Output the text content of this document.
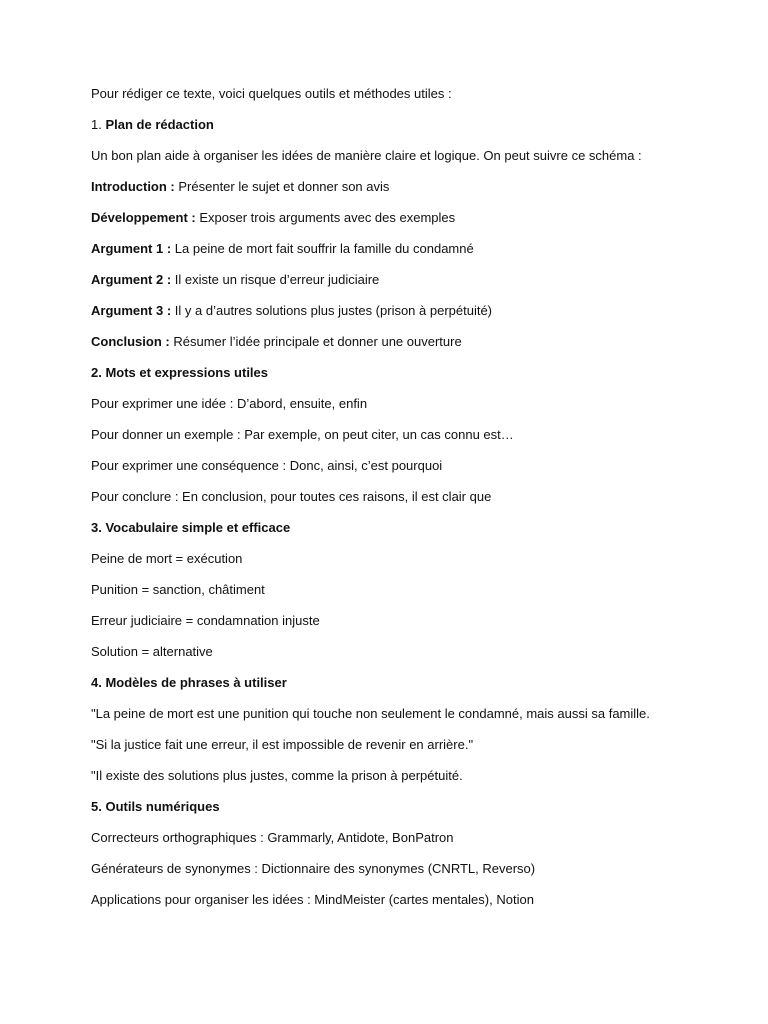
Pour rédiger ce texte, voici quelques outils et méthodes utiles :
1. Plan de rédaction
Un bon plan aide à organiser les idées de manière claire et logique. On peut suivre ce schéma :
Introduction : Présenter le sujet et donner son avis
Développement : Exposer trois arguments avec des exemples
Argument 1 : La peine de mort fait souffrir la famille du condamné
Argument 2 : Il existe un risque d’erreur judiciaire
Argument 3 : Il y a d’autres solutions plus justes (prison à perpétuité)
Conclusion : Résumer l’idée principale et donner une ouverture
2. Mots et expressions utiles
Pour exprimer une idée : D’abord, ensuite, enfin
Pour donner un exemple : Par exemple, on peut citer, un cas connu est…
Pour exprimer une conséquence : Donc, ainsi, c’est pourquoi
Pour conclure : En conclusion, pour toutes ces raisons, il est clair que
3. Vocabulaire simple et efficace
Peine de mort = exécution
Punition = sanction, châtiment
Erreur judiciaire = condamnation injuste
Solution = alternative
4. Modèles de phrases à utiliser
"La peine de mort est une punition qui touche non seulement le condamné, mais aussi sa famille.
"Si la justice fait une erreur, il est impossible de revenir en arrière."
"Il existe des solutions plus justes, comme la prison à perpétuité.
5. Outils numériques
Correcteurs orthographiques : Grammarly, Antidote, BonPatron
Générateurs de synonymes : Dictionnaire des synonymes (CNRTL, Reverso)
Applications pour organiser les idées : MindMeister (cartes mentales), Notion
